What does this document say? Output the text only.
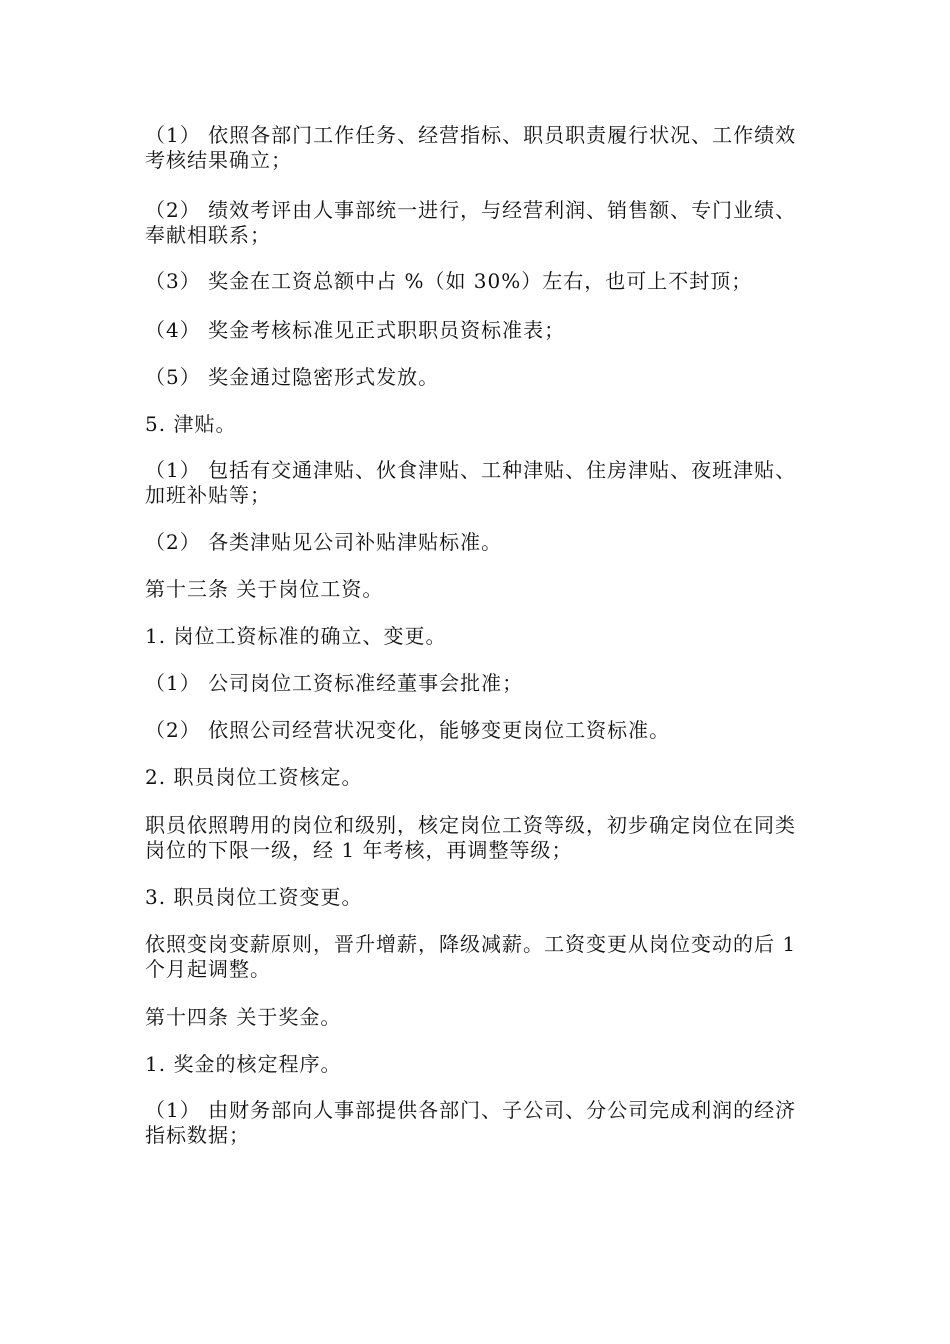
（1） 依照各部门工作任务、经营指标、职员职责履行状况、工作绩效考核结果确立；

（2） 绩效考评由人事部统一进行，与经营利润、销售额、专门业绩、奉献相联系；

（3） 奖金在工资总额中占 %（如 30%）左右，也可上不封顶；

（4） 奖金考核标准见正式职职员资标准表；

（5） 奖金通过隐密形式发放。

5. 津贴。

（1） 包括有交通津贴、伙食津贴、工种津贴、住房津贴、夜班津贴、加班补贴等；

（2） 各类津贴见公司补贴津贴标准。

第十三条 关于岗位工资。

1. 岗位工资标准的确立、变更。

（1） 公司岗位工资标准经董事会批准；

（2） 依照公司经营状况变化，能够变更岗位工资标准。

2. 职员岗位工资核定。

职员依照聘用的岗位和级别，核定岗位工资等级，初步确定岗位在同类岗位的下限一级，经 1 年考核，再调整等级；

3. 职员岗位工资变更。

依照变岗变薪原则，晋升增薪，降级减薪。工资变更从岗位变动的后 1 个月起调整。

第十四条 关于奖金。

1. 奖金的核定程序。

（1） 由财务部向人事部提供各部门、子公司、分公司完成利润的经济指标数据；
